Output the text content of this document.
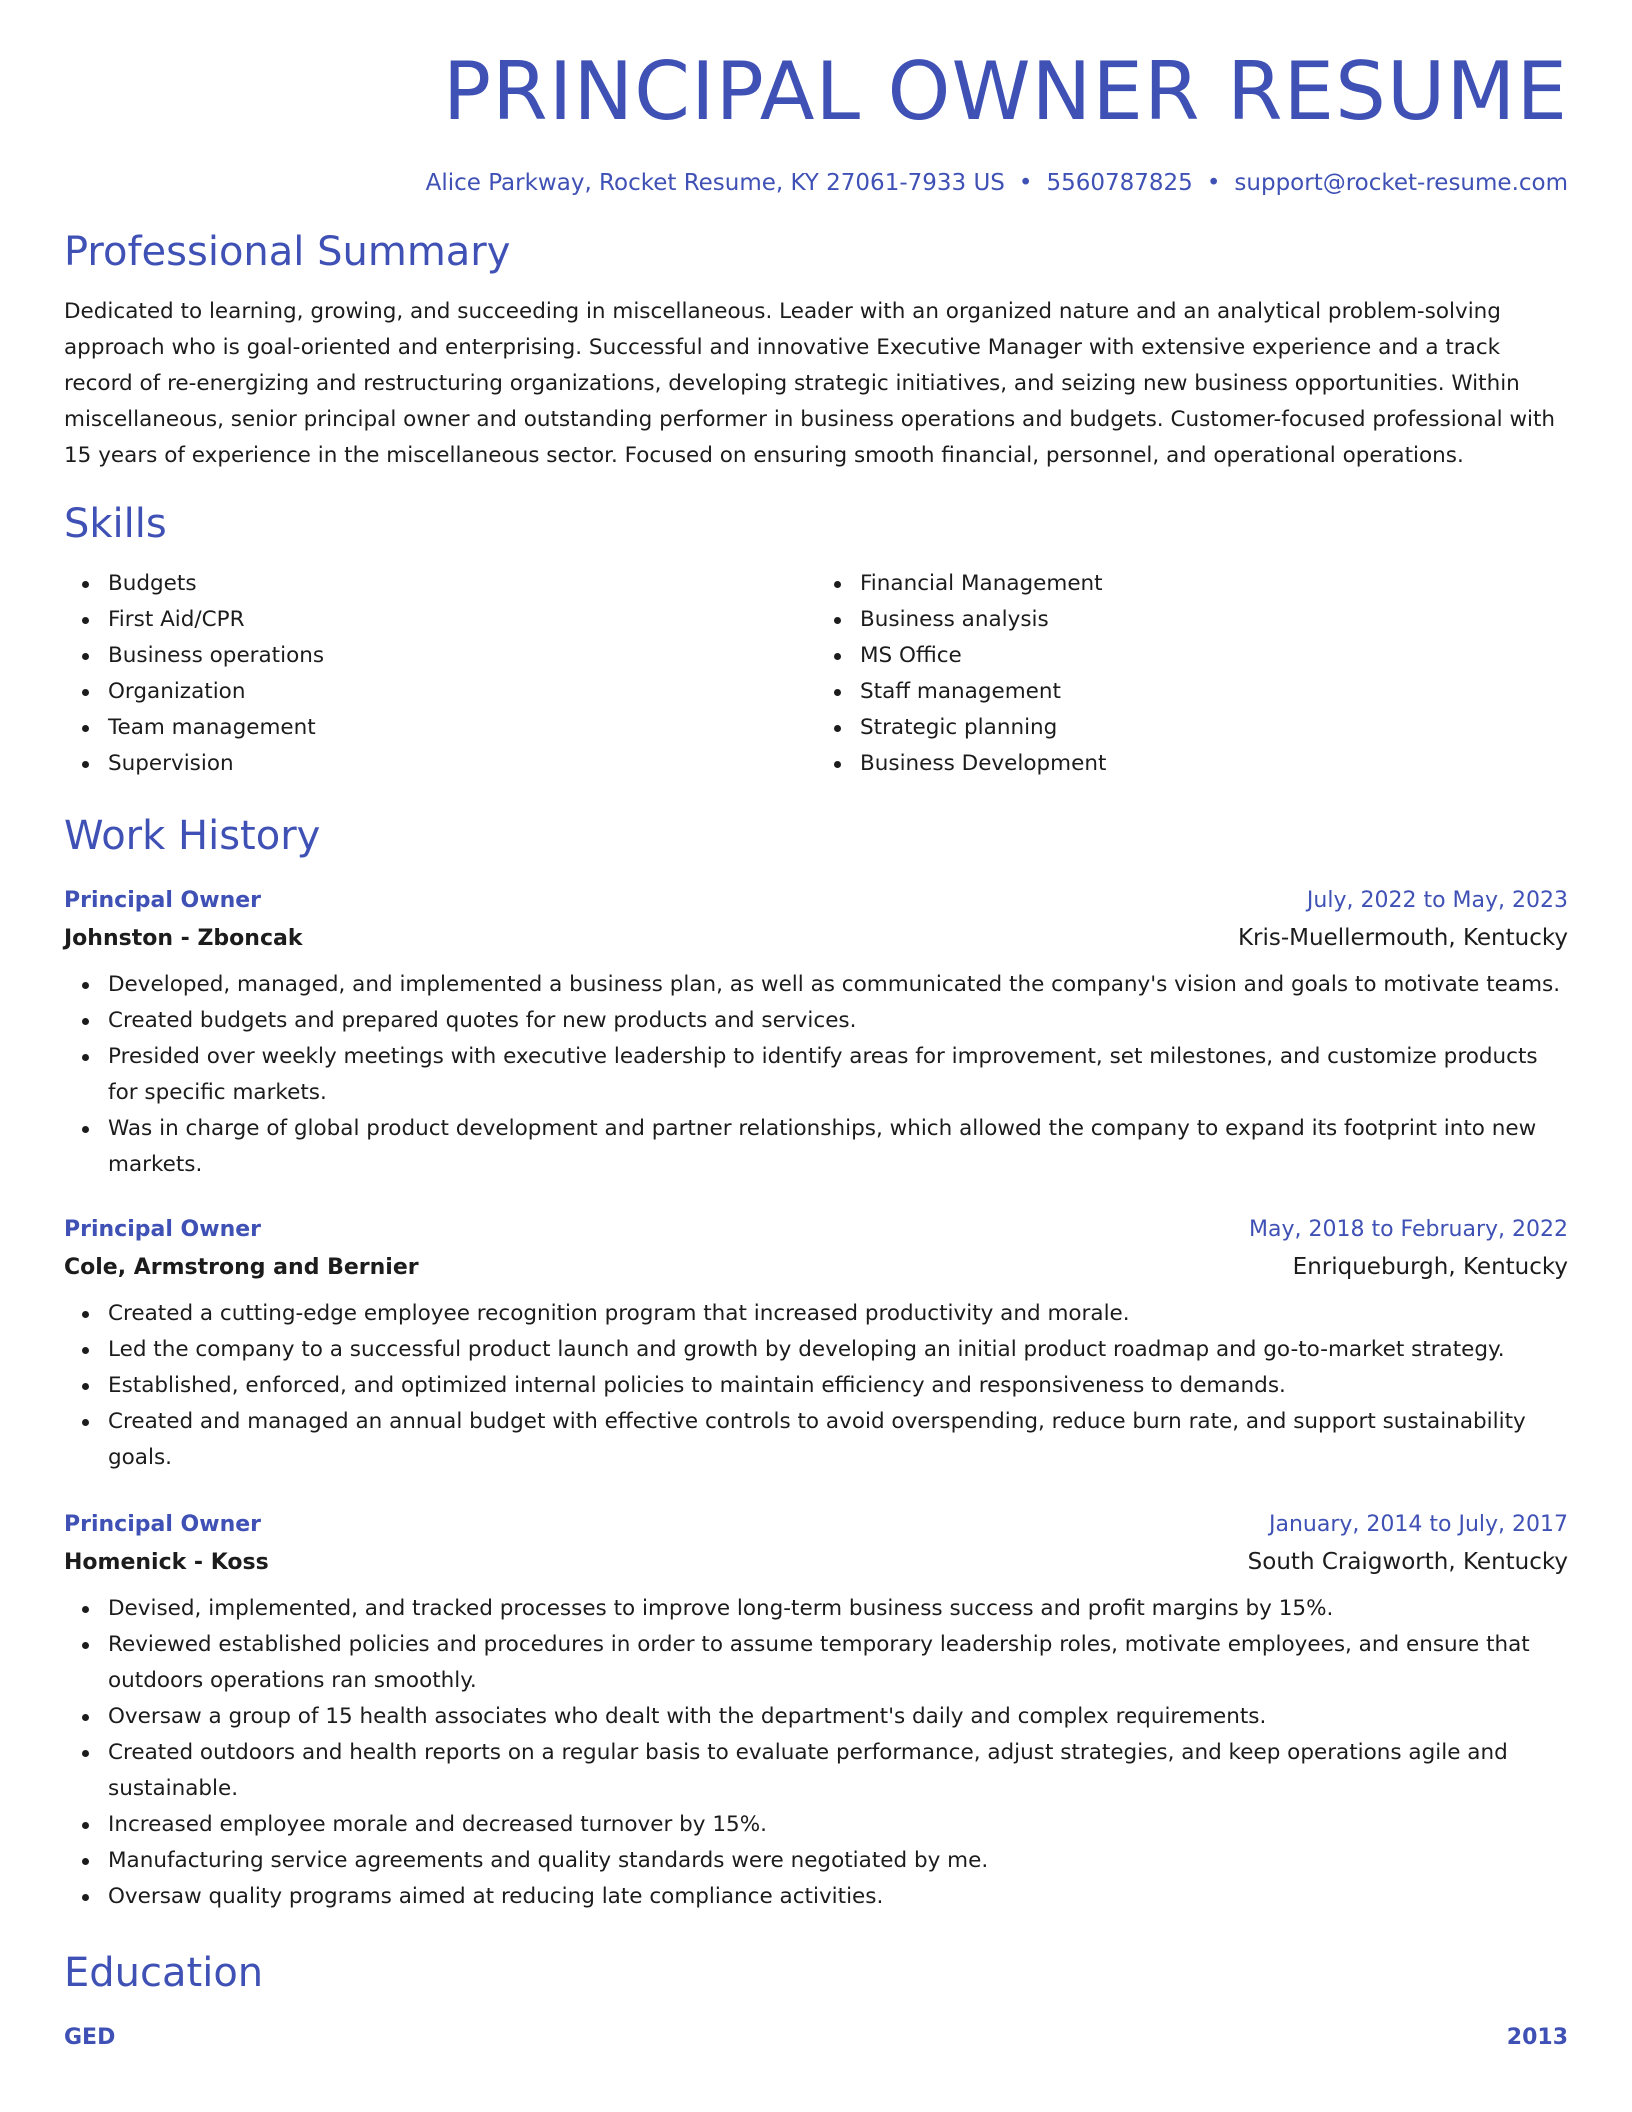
PRINCIPAL OWNER RESUME
Alice Parkway, Rocket Resume, KY 27061-7933 US • 5560787825 • support@rocket-resume.com
Professional Summary

Dedicated to learning, growing, and succeeding in miscellaneous. Leader with an organized nature and an analytical problem-solving approach who is goal-oriented and enterprising. Successful and innovative Executive Manager with extensive experience and a track record of re-energizing and restructuring organizations, developing strategic initiatives, and seizing new business opportunities. Within miscellaneous, senior principal owner and outstanding performer in business operations and budgets. Customer-focused professional with 15 years of experience in the miscellaneous sector. Focused on ensuring smooth financial, personnel, and operational operations.

Skills
Budgets
First Aid/CPR
Business operations
Organization
Team management
Supervision
Financial Management
Business analysis
MS Office
Staff management
Strategic planning
Business Development
Work History
Principal Owner	July, 2022 to May, 2023
Johnston - Zboncak	Kris-Muellermouth, Kentucky
Developed, managed, and implemented a business plan, as well as communicated the company's vision and goals to motivate teams.
Created budgets and prepared quotes for new products and services.
Presided over weekly meetings with executive leadership to identify areas for improvement, set milestones, and customize products for specific markets.
Was in charge of global product development and partner relationships, which allowed the company to expand its footprint into new markets.
Principal Owner	May, 2018 to February, 2022
Cole, Armstrong and Bernier	Enriqueburgh, Kentucky
Created a cutting-edge employee recognition program that increased productivity and morale.
Led the company to a successful product launch and growth by developing an initial product roadmap and go-to-market strategy.
Established, enforced, and optimized internal policies to maintain efficiency and responsiveness to demands.
Created and managed an annual budget with effective controls to avoid overspending, reduce burn rate, and support sustainability goals.
Principal Owner	January, 2014 to July, 2017
Homenick - Koss	South Craigworth, Kentucky
Devised, implemented, and tracked processes to improve long-term business success and profit margins by 15%.
Reviewed established policies and procedures in order to assume temporary leadership roles, motivate employees, and ensure that outdoors operations ran smoothly.
Oversaw a group of 15 health associates who dealt with the department's daily and complex requirements.
Created outdoors and health reports on a regular basis to evaluate performance, adjust strategies, and keep operations agile and sustainable.
Increased employee morale and decreased turnover by 15%.
Manufacturing service agreements and quality standards were negotiated by me.
Oversaw quality programs aimed at reducing late compliance activities.
Education
GED	2013
